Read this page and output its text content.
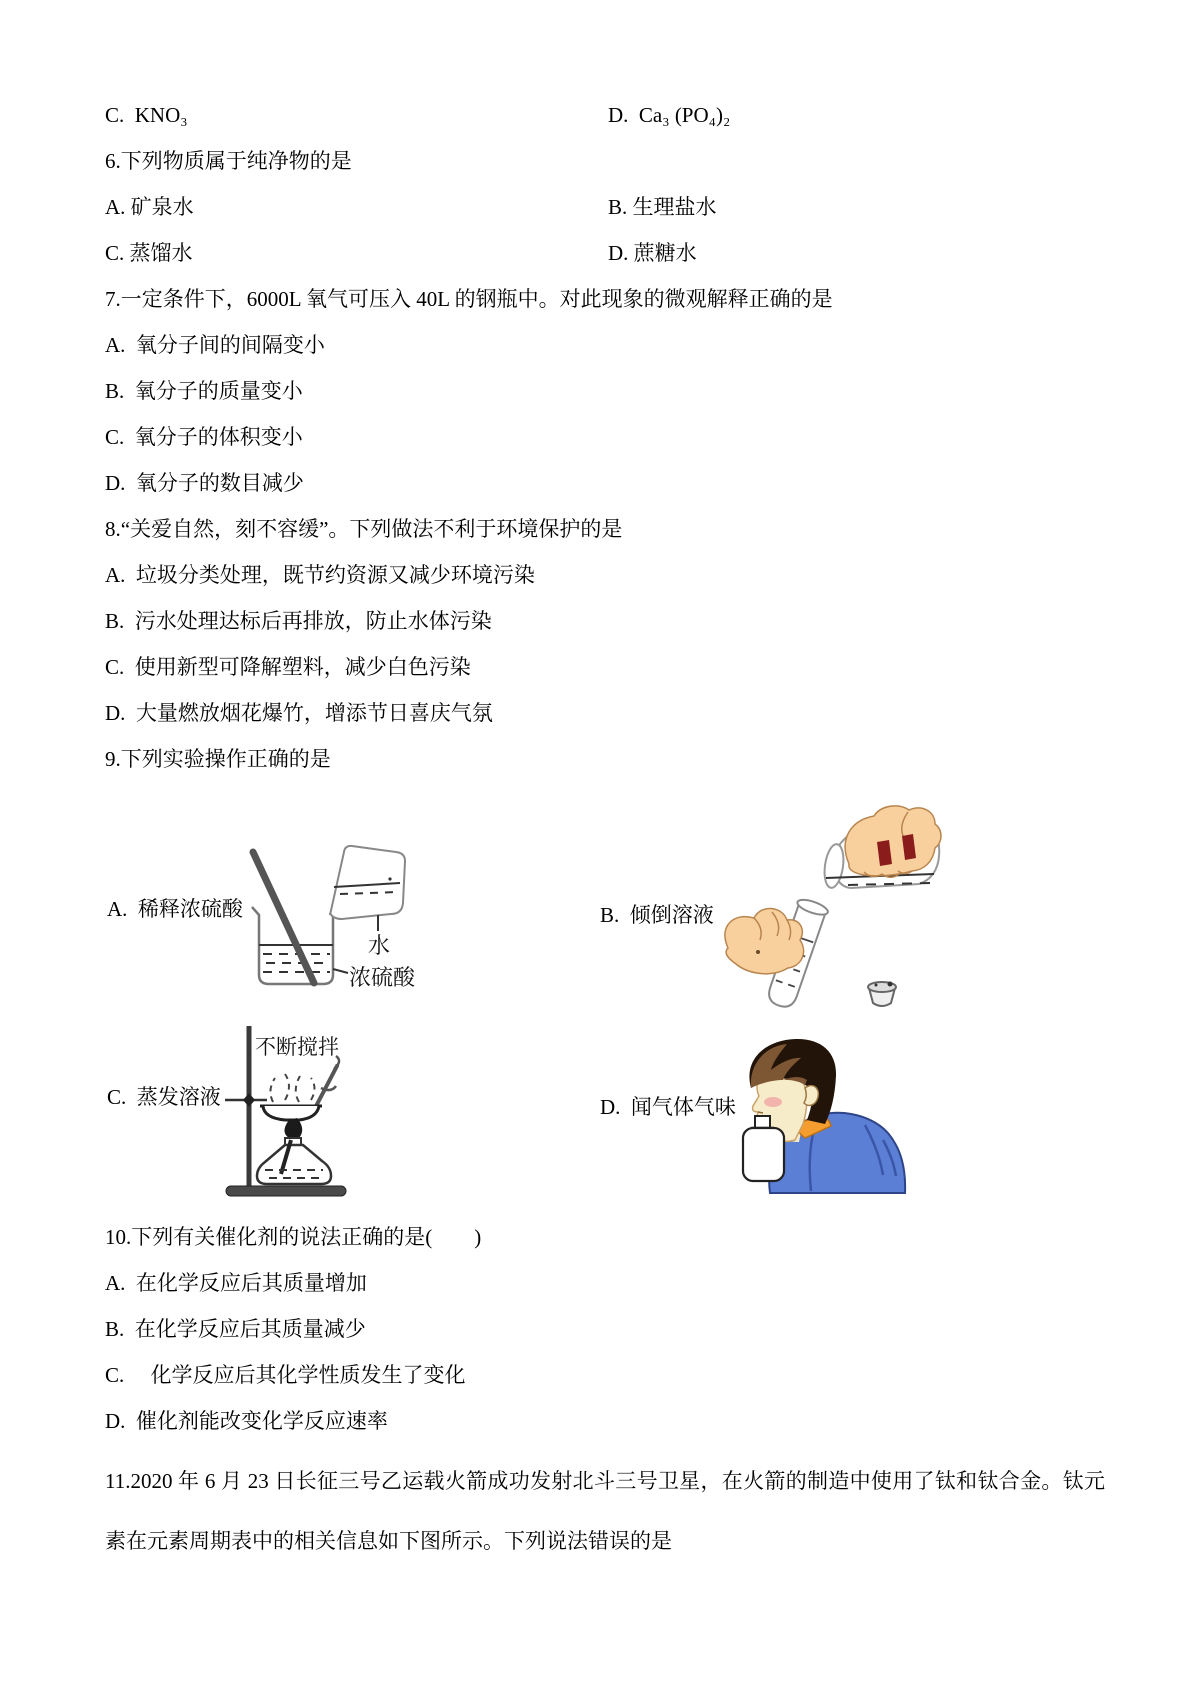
C.  KNO₃	D.  Ca₃ (PO₄)₂
6.下列物质属于纯净物的是
A. 矿泉水	B. 生理盐水
C. 蒸馏水	D. 蔗糖水
7.一定条件下，6000L 氧气可压入 40L 的钢瓶中。对此现象的微观解释正确的是
A.  氧分子间的间隔变小
B.  氧分子的质量变小
C.  氧分子的体积变小
D.  氧分子的数目减少
8.“关爱自然，刻不容缓”。下列做法不利于环境保护的是
A.  垃圾分类处理，既节约资源又减少环境污染
B.  污水处理达标后再排放，防止水体污染
C.  使用新型可降解塑料，减少白色污染
D.  大量燃放烟花爆竹，增添节日喜庆气氛
9.下列实验操作正确的是
A.  稀释浓硫酸	B.  倾倒溶液
C.  蒸发溶液	D.  闻气体气味
水
浓硫酸
不断搅拌
10.下列有关催化剂的说法正确的是(　　)
A.  在化学反应后其质量增加
B.  在化学反应后其质量减少
C.　 化学反应后其化学性质发生了变化
D.  催化剂能改变化学反应速率
11.2020 年 6 月 23 日长征三号乙运载火箭成功发射北斗三号卫星，在火箭的制造中使用了钛和钛合金。钛元素在元素周期表中的相关信息如下图所示。下列说法错误的是
